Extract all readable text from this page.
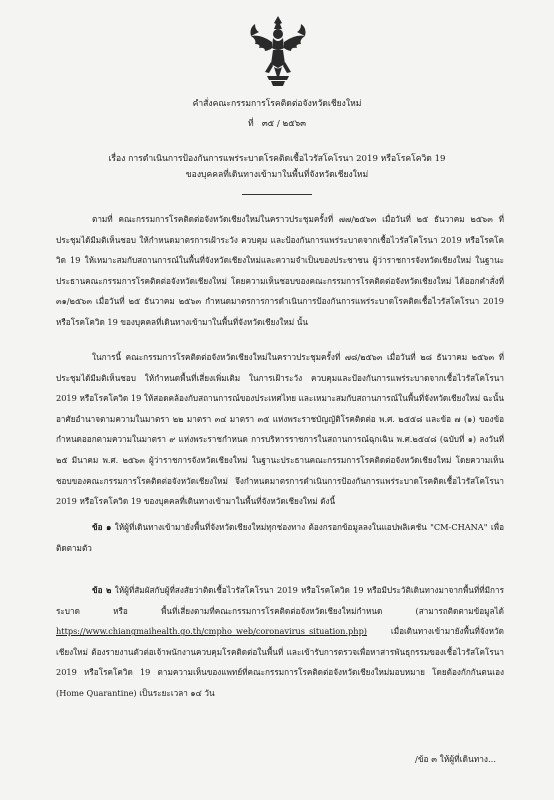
คำสั่งคณะกรรมการโรคติดต่อจังหวัดเชียงใหม่
ที่ ๓๕ / ๒๕๖๓
เรื่อง การดำเนินการป้องกันการแพร่ระบาดโรคติดเชื้อไวรัสโคโรนา 2019 หรือโรคโควิด 19
ของบุคคลที่เดินทางเข้ามาในพื้นที่จังหวัดเชียงใหม่

ตามที่ คณะกรรมการโรคติดต่อจังหวัดเชียงใหม่ในคราวประชุมครั้งที่ ๗๗/๒๕๖๓ เมื่อวันที่ ๒๕ ธันวาคม ๒๕๖๓ ที่ประชุมได้มีมติเห็นชอบ ให้กำหนดมาตรการเฝ้าระวัง ควบคุม และป้องกันการแพร่ระบาดจากเชื้อไวรัสโคโรนา 2019 หรือโรคโควิด 19 ให้เหมาะสมกับสถานการณ์ในพื้นที่จังหวัดเชียงใหม่และความจำเป็นของประชาชน ผู้ว่าราชการจังหวัดเชียงใหม่ ในฐานะประธานคณะกรรมการโรคติดต่อจังหวัดเชียงใหม่ โดยความเห็นชอบของคณะกรรมการโรคติดต่อจังหวัดเชียงใหม่ ได้ออกคำสั่งที่ ๓๑/๒๕๖๓ เมื่อวันที่ ๒๕ ธันวาคม ๒๕๖๓ กำหนดมาตรการการดำเนินการป้องกันการแพร่ระบาดโรคติดเชื้อไวรัสโคโรนา 2019 หรือโรคโควิด 19 ของบุคคลที่เดินทางเข้ามาในพื้นที่จังหวัดเชียงใหม่ นั้น

ในการนี้ คณะกรรมการโรคติดต่อจังหวัดเชียงใหม่ในคราวประชุมครั้งที่ ๗๘/๒๕๖๓ เมื่อวันที่ ๒๘ ธันวาคม ๒๕๖๓ ที่ประชุมได้มีมติเห็นชอบ ให้กำหนดพื้นที่เสี่ยงเพิ่มเติม ในการเฝ้าระวัง ควบคุมและป้องกันการแพร่ระบาดจากเชื้อไวรัสโคโรนา 2019 หรือโรคโควิด 19 ให้สอดคล้องกับสถานการณ์ของประเทศไทย และเหมาะสมกับสถานการณ์ในพื้นที่จังหวัดเชียงใหม่ ฉะนั้น อาศัยอำนาจตามความในมาตรา ๒๒ มาตรา ๓๔ มาตรา ๓๕ แห่งพระราชบัญญัติโรคติดต่อ พ.ศ. ๒๕๕๘ และข้อ ๗ (๑) ของข้อกำหนดออกตามความในมาตรา ๙ แห่งพระราชกำหนด การบริหารราชการในสถานการณ์ฉุกเฉิน พ.ศ.๒๕๔๘ (ฉบับที่ ๑) ลงวันที่ ๒๕ มีนาคม พ.ศ. ๒๕๖๓ ผู้ว่าราชการจังหวัดเชียงใหม่ ในฐานะประธานคณะกรรมการโรคติดต่อจังหวัดเชียงใหม่ โดยความเห็นชอบของคณะกรรมการโรคติดต่อจังหวัดเชียงใหม่ จึงกำหนดมาตรการดำเนินการป้องกันการแพร่ระบาดโรคติดเชื้อไวรัสโคโรนา 2019 หรือโรคโควิด 19 ของบุคคลที่เดินทางเข้ามาในพื้นที่จังหวัดเชียงใหม่ ดังนี้

ข้อ ๑ ให้ผู้ที่เดินทางเข้ามายังพื้นที่จังหวัดเชียงใหม่ทุกช่องทาง ต้องกรอกข้อมูลลงในแอปพลิเคชัน "CM-CHANA" เพื่อติดตามตัว

ข้อ ๒ ให้ผู้ที่สัมผัสกับผู้ที่สงสัยว่าติดเชื้อไวรัสโคโรนา 2019 หรือโรคโควิด 19 หรือมีประวัติเดินทางมาจากพื้นที่ที่มีการระบาด หรือ พื้นที่เสี่ยงตามที่คณะกรรมการโรคติดต่อจังหวัดเชียงใหม่กำหนด (สามารถติดตามข้อมูลได้ https://www.chiangmaihealth.go.th/cmpho_web/coronavirus_situation.php)	เมื่อเดินทางเข้ามายังพื้นที่จังหวัดเชียงใหม่ ต้องรายงานตัวต่อเจ้าพนักงานควบคุมโรคติดต่อในพื้นที่ และเข้ารับการตรวจเพื่อหาสารพันธุกรรมของเชื้อไวรัสโคโรนา 2019 หรือโรคโควิด 19 ตามความเห็นของแพทย์ที่คณะกรรมการโรคติดต่อจังหวัดเชียงใหม่มอบหมาย โดยต้องกักกันตนเอง (Home Quarantine) เป็นระยะเวลา ๑๔ วัน

/ข้อ ๓ ให้ผู้ที่เดินทาง...
